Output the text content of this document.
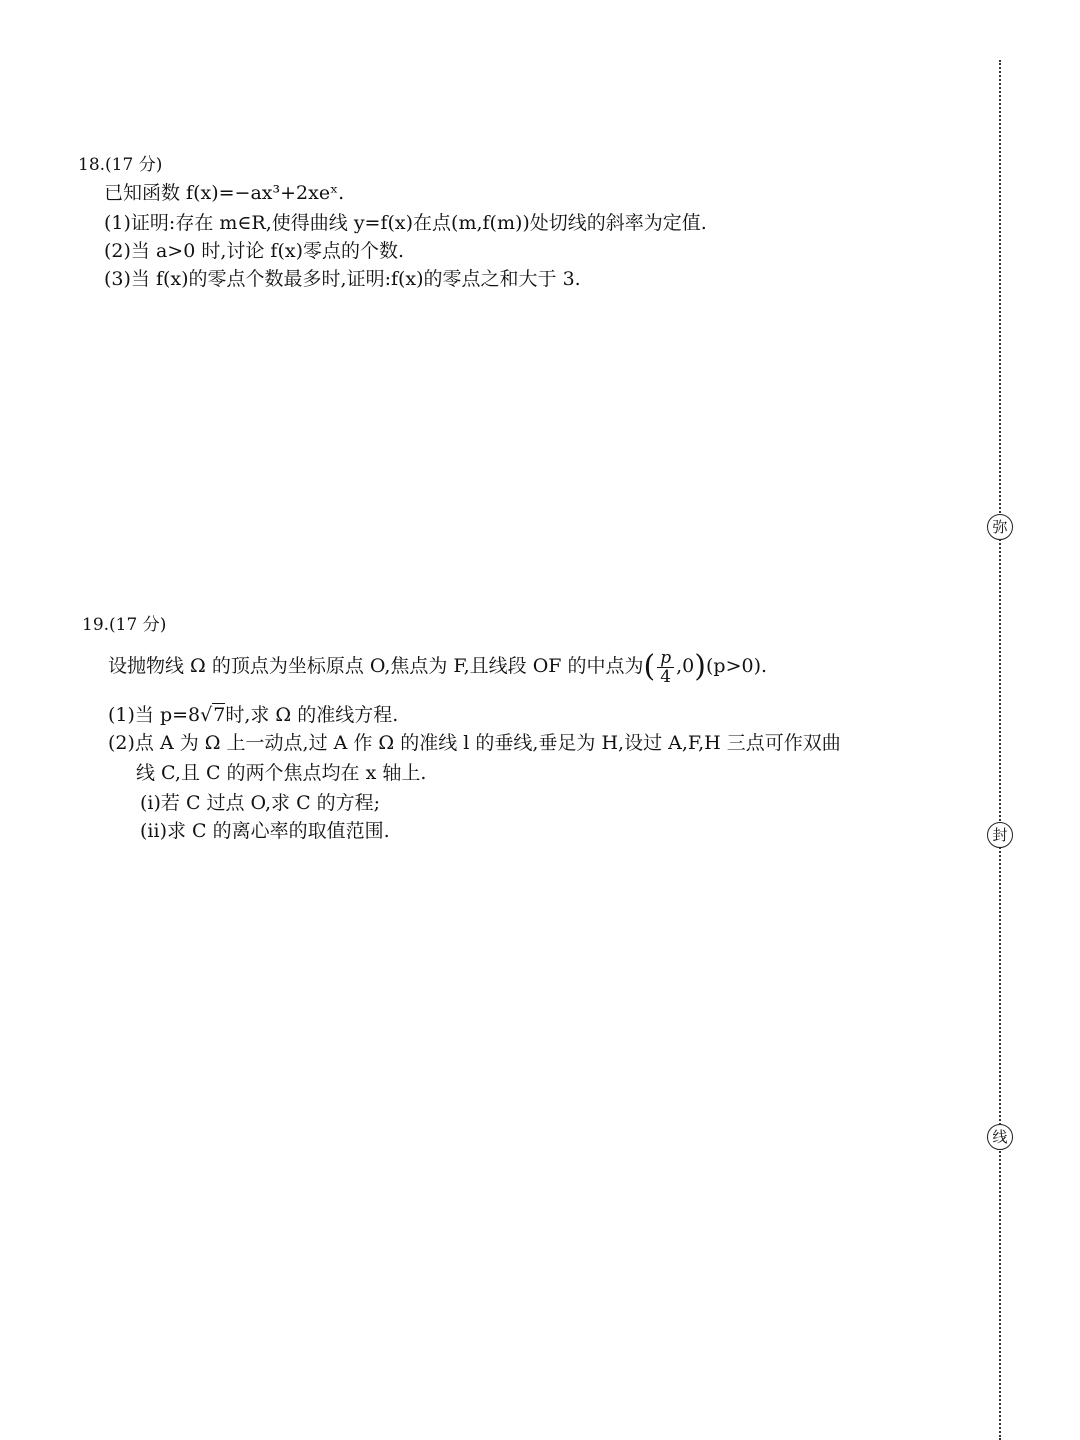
18.(17 分)
已知函数 f(x)=−ax³+2xeˣ.
(1)证明:存在 m∈R,使得曲线 y=f(x)在点(m,f(m))处切线的斜率为定值.
(2)当 a>0 时,讨论 f(x)零点的个数.
(3)当 f(x)的零点个数最多时,证明:f(x)的零点之和大于 3.
19.(17 分)
设抛物线 Ω 的顶点为坐标原点 O,焦点为 F,且线段 OF 的中点为( $\frac{p}{4} ,0)(p>0)$.
(1)当 p=8√7时,求 Ω 的准线方程.
(2)点 A 为 Ω 上一动点,过 A 作 Ω 的准线 l 的垂线,垂足为 H,设过 A,F,H 三点可作双曲
线 C,且 C 的两个焦点均在 x 轴上.
(ⅰ)若 C 过点 O,求 C 的方程;
(ⅱ)求 C 的离心率的取值范围.
弥
封
线
